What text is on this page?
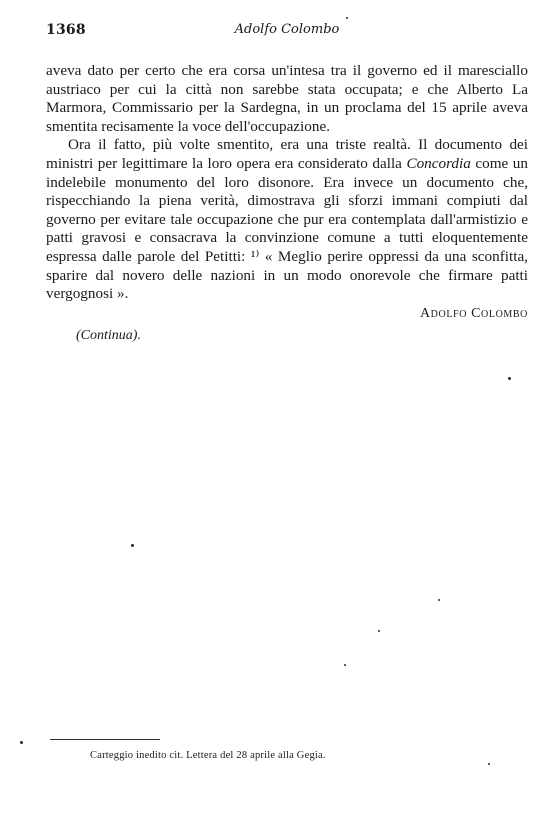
1368	Adolfo Colombo

aveva dato per certo che era corsa un'intesa tra il governo ed il maresciallo austriaco per cui la città non sarebbe stata occupata; e che Alberto La Marmora, Commissario per la Sardegna, in un proclama del 15 aprile aveva smentita recisamente la voce dell'occupazione.

Ora il fatto, più volte smentito, era una triste realtà. Il documento dei ministri per legittimare la loro opera era considerato dalla Concordia come un indelebile monumento del loro disonore. Era invece un documento che, rispecchiando la piena verità, dimostrava gli sforzi immani compiuti dal governo per evitare tale occupazione che pur era contemplata dall'armistizio e patti gravosi e consacrava la convinzione comune a tutti eloquentemente espressa dalle parole del Petitti: ¹⁾ « Meglio perire oppressi da una sconfitta, sparire dal novero delle nazioni in un modo onorevole che firmare patti vergognosi ».

Adolfo Colombo
(Continua).
Carteggio inedito cit. Lettera del 28 aprile alla Gegia.
